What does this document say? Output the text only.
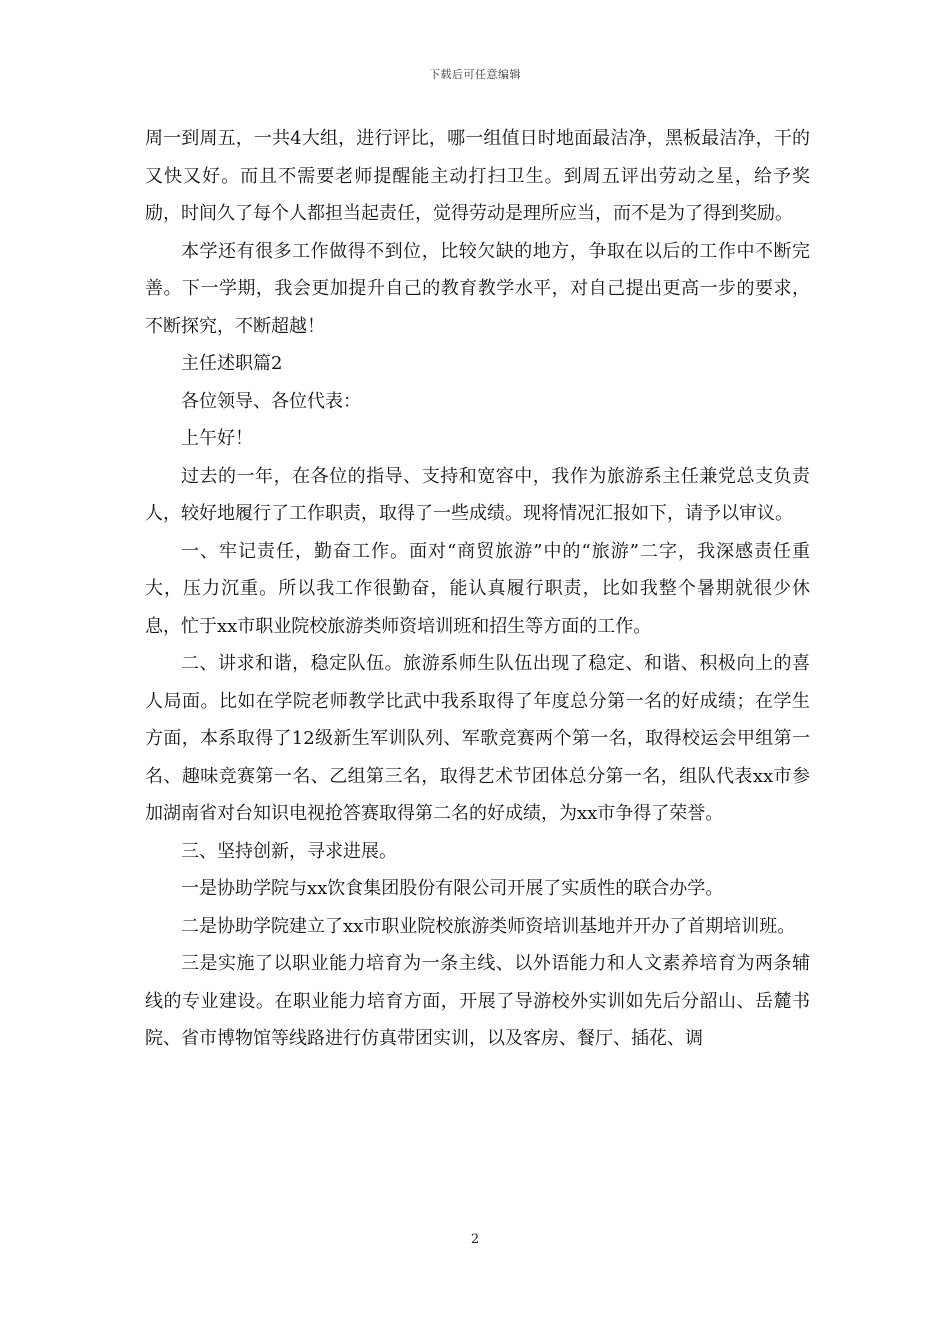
下载后可任意编辑

周一到周五，一共4大组，进行评比，哪一组值日时地面最洁净，黑板最洁净，干的又快又好。而且不需要老师提醒能主动打扫卫生。到周五评出劳动之星，给予奖励，时间久了每个人都担当起责任，觉得劳动是理所应当，而不是为了得到奖励。

本学还有很多工作做得不到位，比较欠缺的地方，争取在以后的工作中不断完善。下一学期，我会更加提升自己的教育教学水平，对自己提出更高一步的要求，不断探究，不断超越！

主任述职篇2

各位领导、各位代表：

上午好！

过去的一年，在各位的指导、支持和宽容中，我作为旅游系主任兼党总支负责人，较好地履行了工作职责，取得了一些成绩。现将情况汇报如下，请予以审议。

一、牢记责任，勤奋工作。面对“商贸旅游”中的“旅游”二字，我深感责任重大，压力沉重。所以我工作很勤奋，能认真履行职责，比如我整个暑期就很少休息，忙于xx市职业院校旅游类师资培训班和招生等方面的工作。

二、讲求和谐，稳定队伍。旅游系师生队伍出现了稳定、和谐、积极向上的喜人局面。比如在学院老师教学比武中我系取得了年度总分第一名的好成绩；在学生方面，本系取得了12级新生军训队列、军歌竞赛两个第一名，取得校运会甲组第一名、趣味竞赛第一名、乙组第三名，取得艺术节团体总分第一名，组队代表xx市参加湖南省对台知识电视抢答赛取得第二名的好成绩，为xx市争得了荣誉。

三、坚持创新，寻求进展。

一是协助学院与xx饮食集团股份有限公司开展了实质性的联合办学。

二是协助学院建立了xx市职业院校旅游类师资培训基地并开办了首期培训班。

三是实施了以职业能力培育为一条主线、以外语能力和人文素养培育为两条辅线的专业建设。在职业能力培育方面，开展了导游校外实训如先后分韶山、岳麓书院、省市博物馆等线路进行仿真带团实训，以及客房、餐厅、插花、调

2
